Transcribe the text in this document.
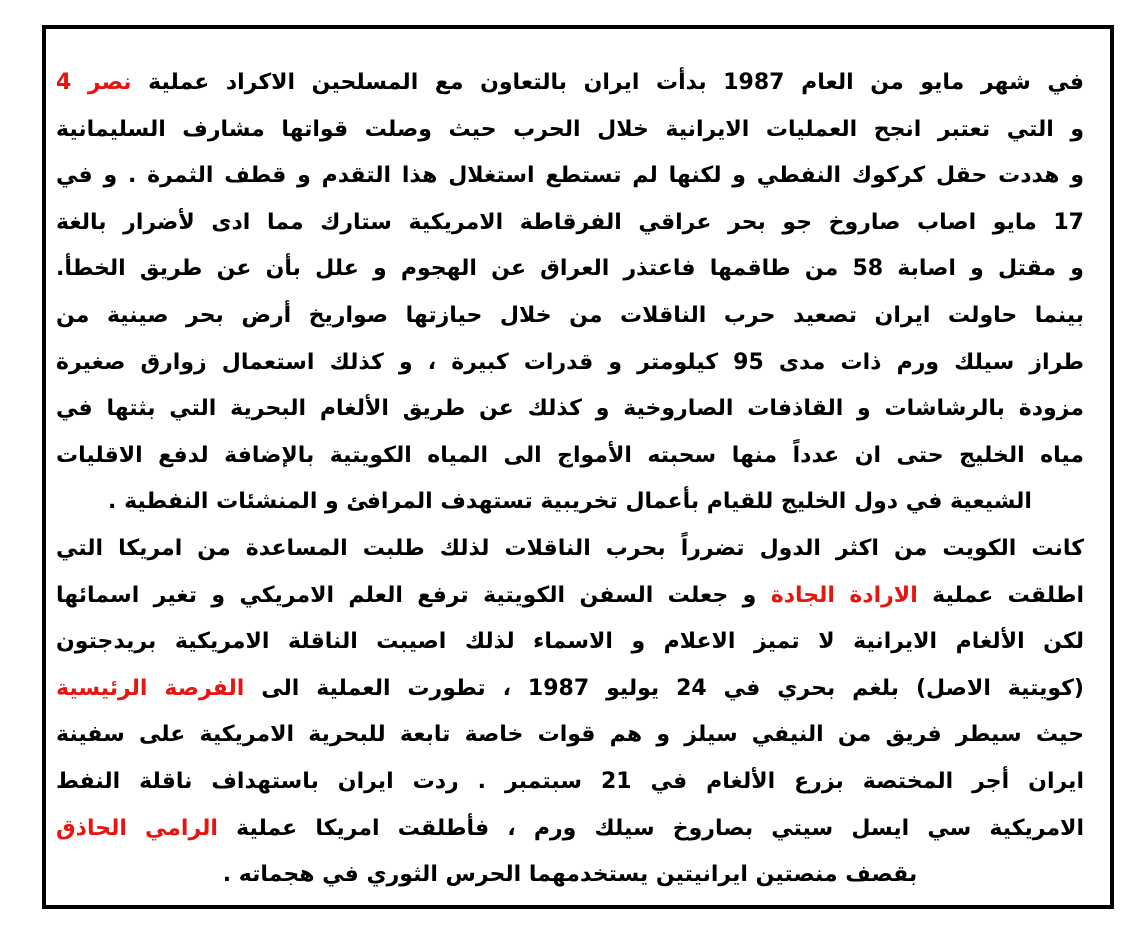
في شهر مايو من العام 1987 بدأت ايران بالتعاون مع المسلحين الاكراد عملية نصر 4
و التي تعتبر انجح العمليات الايرانية خلال الحرب حيث وصلت قواتها مشارف السليمانية
و هددت حقل كركوك النفطي و لكنها لم تستطع استغلال هذا التقدم و قطف الثمرة . و في
17 مايو اصاب صاروخ جو بحر عراقي الفرقاطة الامريكية ستارك مما ادى لأضرار بالغة
و مقتل و اصابة 58 من طاقمها فاعتذر العراق عن الهجوم و علل بأن عن طريق الخطأ.
بينما حاولت ايران تصعيد حرب الناقلات من خلال حيازتها صواريخ أرض بحر صينية من
طراز سيلك ورم ذات مدى 95 كيلومتر و قدرات كبيرة ، و كذلك استعمال زوارق صغيرة
مزودة بالرشاشات و القاذفات الصاروخية و كذلك عن طريق الألغام البحرية التي بثتها في
مياه الخليج حتى ان عدداً منها سحبته الأمواج الى المياه الكويتية بالإضافة لدفع الاقليات
الشيعية في دول الخليج للقيام بأعمال تخريبية تستهدف المرافئ و المنشئات النفطية .
كانت الكويت من اكثر الدول تضرراً بحرب الناقلات لذلك طلبت المساعدة من امريكا التي
اطلقت عملية الارادة الجادة و جعلت السفن الكويتية ترفع العلم الامريكي و تغير اسمائها
لكن الألغام الايرانية لا تميز الاعلام و الاسماء لذلك اصيبت الناقلة الامريكية بريدجتون
(كويتية الاصل) بلغم بحري في 24 يوليو 1987 ، تطورت العملية الى الفرصة الرئيسية
حيث سيطر فريق من النيفي سيلز و هم قوات خاصة تابعة للبحرية الامريكية على سفينة
ايران أجر المختصة بزرع الألغام في 21 سبتمبر . ردت ايران باستهداف ناقلة النفط
الامريكية سي ايسل سيتي بصاروخ سيلك ورم ، فأطلقت امريكا عملية الرامي الحاذق
بقصف منصتين ايرانيتين يستخدمهما الحرس الثوري في هجماته .
